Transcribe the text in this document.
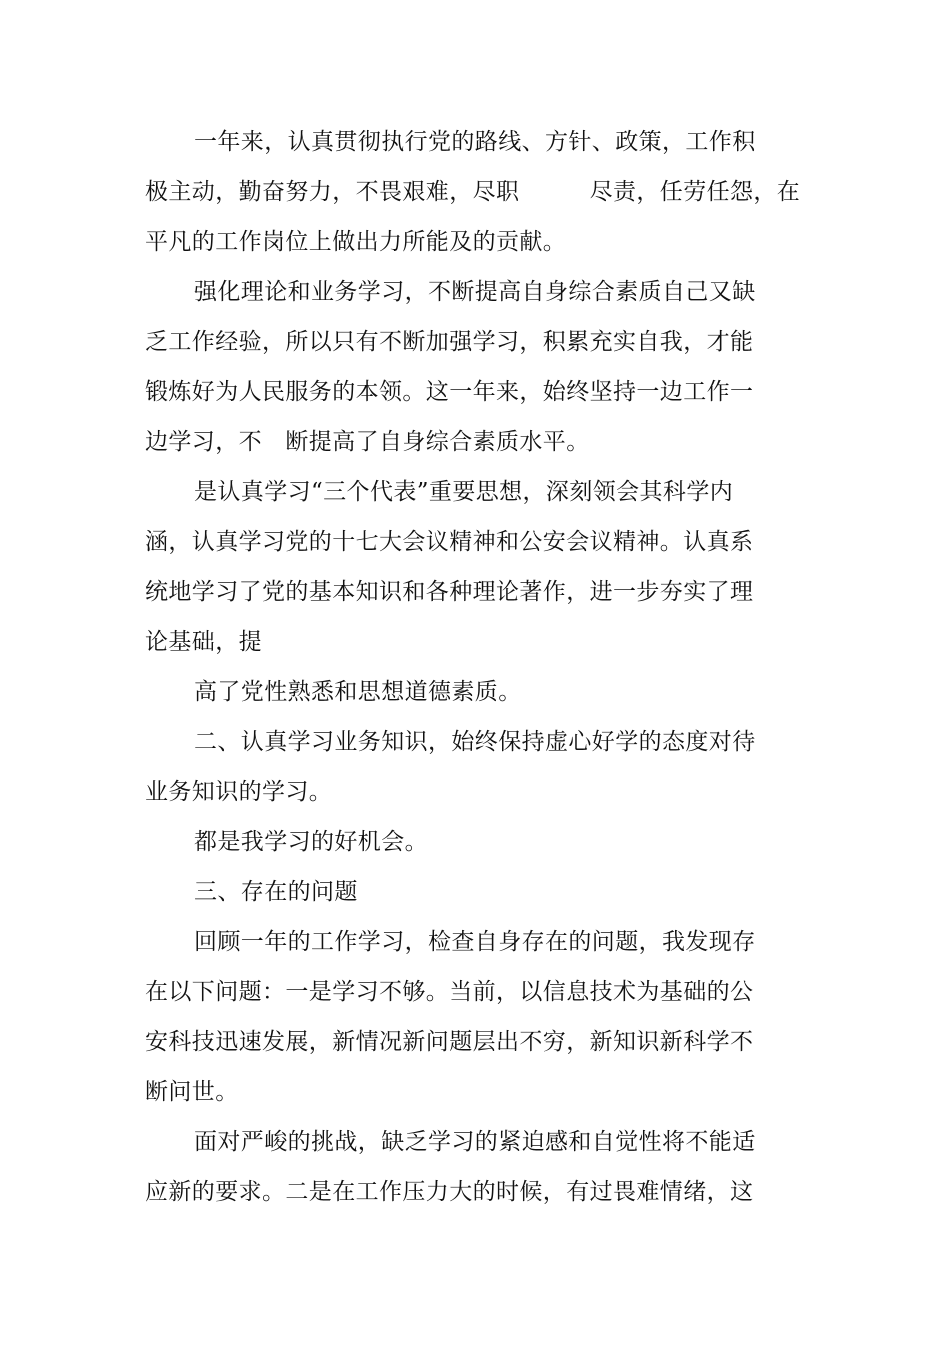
一年来，认真贯彻执行党的路线、方针、政策，工作积
极主动，勤奋努力，不畏艰难，尽职　　　尽责，任劳任怨，在
平凡的工作岗位上做出力所能及的贡献。
强化理论和业务学习，不断提高自身综合素质自己又缺
乏工作经验，所以只有不断加强学习，积累充实自我，才能
锻炼好为人民服务的本领。这一年来，始终坚持一边工作一
边学习，不　断提高了自身综合素质水平。
是认真学习“三个代表”重要思想，深刻领会其科学内
涵，认真学习党的十七大会议精神和公安会议精神。认真系
统地学习了党的基本知识和各种理论著作，进一步夯实了理
论基础，提
高了党性熟悉和思想道德素质。
二、认真学习业务知识，始终保持虚心好学的态度对待
业务知识的学习。
都是我学习的好机会。
三、存在的问题
回顾一年的工作学习，检查自身存在的问题，我发现存
在以下问题：一是学习不够。当前，以信息技术为基础的公
安科技迅速发展，新情况新问题层出不穷，新知识新科学不
断问世。
面对严峻的挑战，缺乏学习的紧迫感和自觉性将不能适
应新的要求。二是在工作压力大的时候，有过畏难情绪，这
